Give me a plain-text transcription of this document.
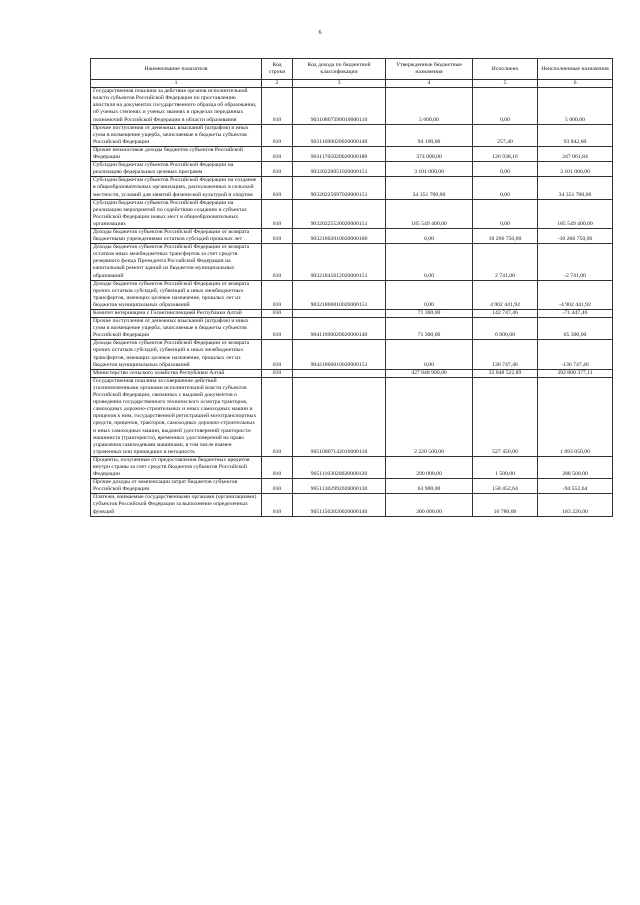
6
Наименование показателя	Код строки	Код дохода по бюджетной классификации	Утвержденные бюджетные назначения	Исполнено	Неисполненные назначения
1	2	3	4	5	6
Государственная пошлина за действия органов исполнительной власти субъектов Российской Федерации по проставлению апостиля на документах государственного образца об образовании, об ученых степенях и ученых званиях в пределах переданных полномочий Российской Федерации в области образования	010	90310807390010000110	5 000,00	0,00	5 000,00
Прочие поступления от денежных взысканий (штрафов) и иных сумм в возмещение ущерба, зачисляемые в бюджеты субъектов Российской Федерации	010	90311690020020000140	94 100,00	257,40	93 842,60
Прочие неналоговые доходы бюджетов субъектов Российской Федерации	010	90311705020020000180	374 000,00	126 938,16	247 061,84
Субсидии бюджетам субъектов Российской Федерации на реализацию федеральных целевых программ	010	90320220051020000151	3 101 000,00	0,00	3 101 000,00
Субсидии бюджетам субъектов Российской Федерации на создание в общеобразовательных организациях, расположенных в сельской местности, условий для занятий физической культурой и спортом	010	90320225097020000151	34 351 700,00	0,00	34 351 700,00
Субсидии бюджетам субъектов Российской Федерации на реализацию мероприятий по содействию созданию в субъектах Российской Федерации новых мест в общеобразовательных организациях	010	90320225520020000151	185 549 400,00	0,00	185 549 400,00
Доходы бюджетов субъектов Российской Федерации от возврата бюджетными учреждениями остатков субсидий прошлых лет	010	90321802010020000180	0,00	10 266 750,00	-10 266 750,00
Доходы бюджетов субъектов Российской Федерации от возврата остатков иных межбюджетных трансфертов за счет средств резервного фонда Президента Российской Федерации на капитальный ремонт зданий из бюджетов муниципальных образований	010	90321845612020000151	0,00	2 741,00	-2 741,00
Доходы бюджетов субъектов Российской Федерации от возврата прочих остатков субсидий, субвенций и иных межбюджетных трансфертов, имеющих целевое назначение, прошлых лет из бюджетов муниципальных образований	010	90321860010020000151	0,00	4 902 441,92	-4 902 441,92
Комитет ветеринарии с Госветинспекцией Республики Алтай	010		71 300,00	142 747,46	-71 447,46
Прочие поступления от денежных взысканий (штрафов) и иных сумм в возмещение ущерба, зачисляемые в бюджеты субъектов Российской Федерации	010	90411690020020000140	71 300,00	6 000,00	65 300,00
Доходы бюджетов субъектов Российской Федерации от возврата прочих остатков субсидий, субвенций и иных межбюджетных трансфертов, имеющих целевое назначение, прошлых лет из бюджетов муниципальных образований	010	90421860010020000151	0,00	136 747,46	-136 747,46
Министерство сельского хозяйства Республики Алтай	010		427 848 900,00	35 048 522,89	392 800 377,11
Государственная пошлина за совершение действий уполномоченными органами исполнительной власти субъектов Российской Федерации, связанных с выдачей документов о проведении государственного технического осмотра тракторов, самоходных дорожно-строительных и иных самоходных машин и прицепов к ним, государственной регистрацией мототранспортных средств, прицепов, тракторов, самоходных дорожно-строительных и иных самоходных машин, выдачей удостоверений тракториста-машиниста (тракториста), временных удостоверений на право управления самоходными машинами, в том числе взамен утраченных или пришедших в негодность	010	90510807142010000110	2 220 500,00	527 450,00	1 693 050,00
Проценты, полученные от предоставления бюджетных кредитов внутри страны за счет средств бюджетов субъектов Российской Федерации	010	90511103020020000120	290 000,00	1 500,00	288 500,00
Прочие доходы от компенсации затрат бюджетов субъектов Российской Федерации	010	90511302992020000130	63 900,00	158 452,64	-94 552,64
Платежи, взимаемые государственными органами (организациями) субъектов Российской Федерации за выполнение определенных функций	010	90511502020020000140	200 000,00	16 780,00	183 220,00
